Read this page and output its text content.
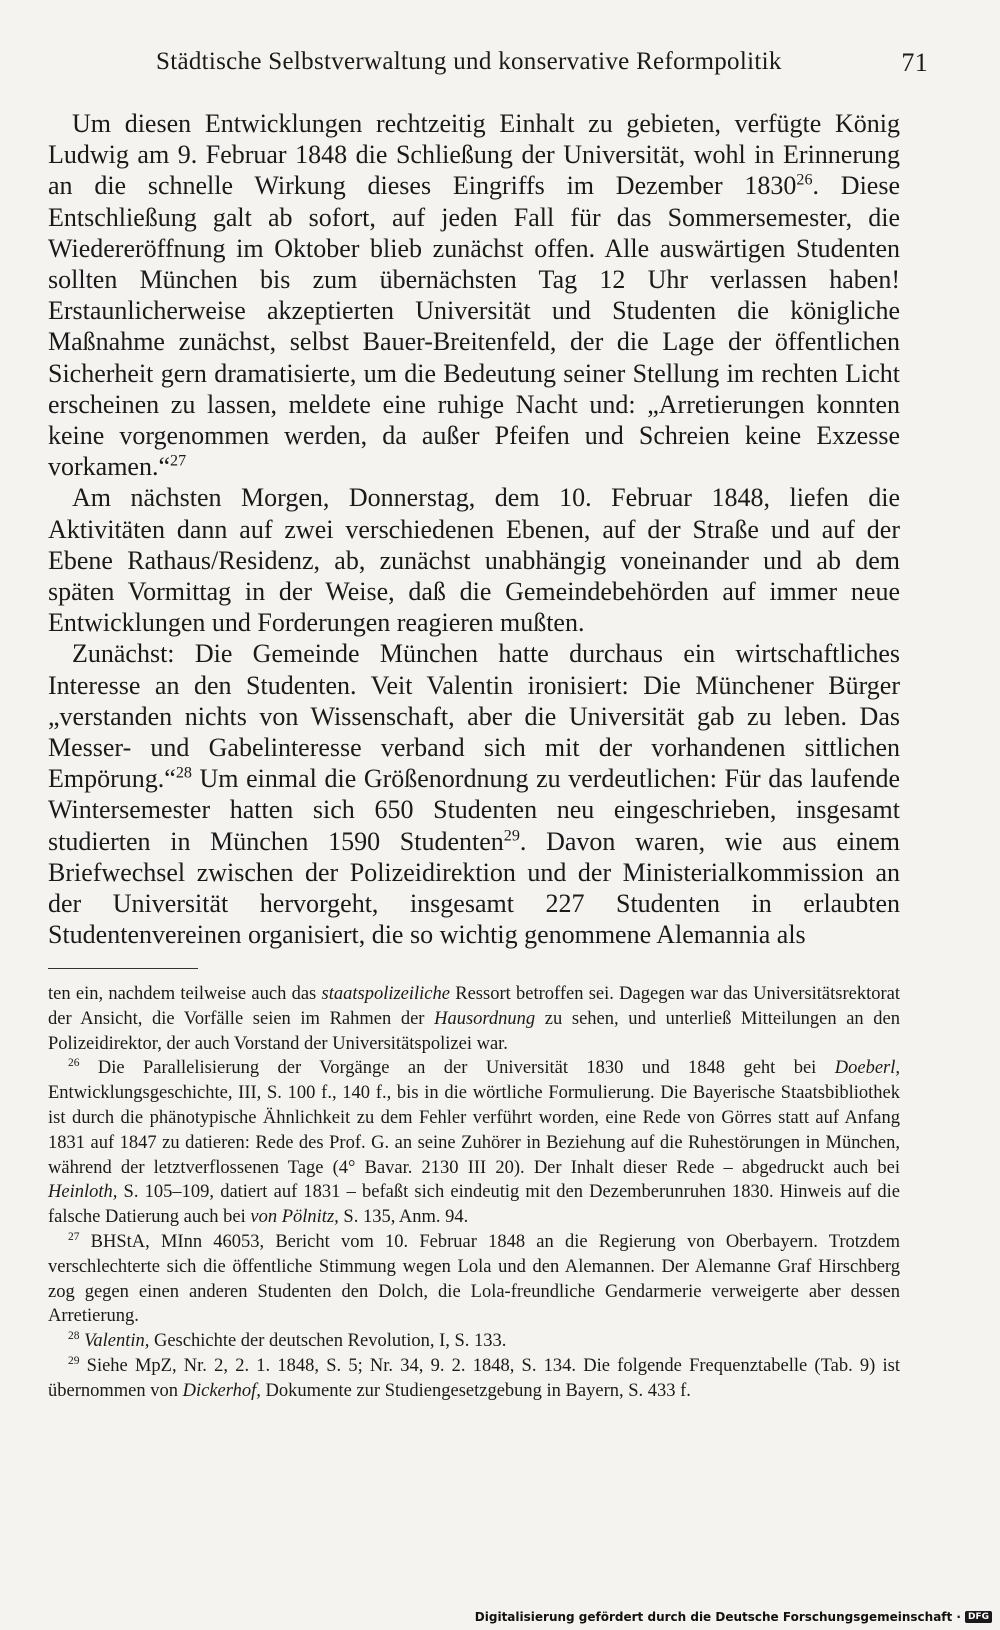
Städtische Selbstverwaltung und konservative Reformpolitik	71

Um diesen Entwicklungen rechtzeitig Einhalt zu gebieten, verfügte König Ludwig am 9. Februar 1848 die Schließung der Universität, wohl in Erinnerung an die schnelle Wirkung dieses Eingriffs im Dezember 1830$^{26}$. Diese Entschließung galt ab sofort, auf jeden Fall für das Sommersemester, die Wiedereröffnung im Oktober blieb zunächst offen. Alle auswärtigen Studenten sollten München bis zum übernächsten Tag 12 Uhr verlassen haben! Erstaunlicherweise akzeptierten Universität und Studenten die königliche Maßnahme zunächst, selbst Bauer-Breitenfeld, der die Lage der öffentlichen Sicherheit gern dramatisierte, um die Bedeutung seiner Stellung im rechten Licht erscheinen zu lassen, meldete eine ruhige Nacht und: „Arretierungen konnten keine vorgenommen werden, da außer Pfeifen und Schreien keine Exzesse vorkamen.“$^{27}$

Am nächsten Morgen, Donnerstag, dem 10. Februar 1848, liefen die Aktivitäten dann auf zwei verschiedenen Ebenen, auf der Straße und auf der Ebene Rathaus/Residenz, ab, zunächst unabhängig voneinander und ab dem späten Vormittag in der Weise, daß die Gemeindebehörden auf immer neue Entwicklungen und Forderungen reagieren mußten.

Zunächst: Die Gemeinde München hatte durchaus ein wirtschaftliches Interesse an den Studenten. Veit Valentin ironisiert: Die Münchener Bürger „verstanden nichts von Wissenschaft, aber die Universität gab zu leben. Das Messer- und Gabelinteresse verband sich mit der vorhandenen sittlichen Empörung.“$^{28}$ Um einmal die Größenordnung zu verdeutlichen: Für das laufende Wintersemester hatten sich 650 Studenten neu eingeschrieben, insgesamt studierten in München 1590 Studenten$^{29}$. Davon waren, wie aus einem Briefwechsel zwischen der Polizeidirektion und der Ministerialkommission an der Universität hervorgeht, insgesamt 227 Studenten in erlaubten Studentenvereinen organisiert, die so wichtig genommene Alemannia als

ten ein, nachdem teilweise auch das staatspolizeiliche Ressort betroffen sei. Dagegen war das Universitätsrektorat der Ansicht, die Vorfälle seien im Rahmen der Hausordnung zu sehen, und unterließ Mitteilungen an den Polizeidirektor, der auch Vorstand der Universitätspolizei war.

$^{26}$ Die Parallelisierung der Vorgänge an der Universität 1830 und 1848 geht bei Doeberl, Entwicklungsgeschichte, III, S. 100 f., 140 f., bis in die wörtliche Formulierung. Die Bayerische Staatsbibliothek ist durch die phänotypische Ähnlichkeit zu dem Fehler verführt worden, eine Rede von Görres statt auf Anfang 1831 auf 1847 zu datieren: Rede des Prof. G. an seine Zuhörer in Beziehung auf die Ruhestörungen in München, während der letztverflossenen Tage (4° Bavar. 2130 III 20). Der Inhalt dieser Rede – abgedruckt auch bei Heinloth, S. 105–109, datiert auf 1831 – befaßt sich eindeutig mit den Dezemberunruhen 1830. Hinweis auf die falsche Datierung auch bei von Pölnitz, S. 135, Anm. 94.

$^{27}$ BHStA, MInn 46053, Bericht vom 10. Februar 1848 an die Regierung von Oberbayern. Trotzdem verschlechterte sich die öffentliche Stimmung wegen Lola und den Alemannen. Der Alemanne Graf Hirschberg zog gegen einen anderen Studenten den Dolch, die Lola-freundliche Gendarmerie verweigerte aber dessen Arretierung.

$^{28}$ Valentin, Geschichte der deutschen Revolution, I, S. 133.

$^{29}$ Siehe MpZ, Nr. 2, 2. 1. 1848, S. 5; Nr. 34, 9. 2. 1848, S. 134. Die folgende Frequenztabelle (Tab. 9) ist übernommen von Dickerhof, Dokumente zur Studiengesetzgebung in Bayern, S. 433 f.

Digitalisierung gefördert durch die Deutsche Forschungsgemeinschaft · DFG
